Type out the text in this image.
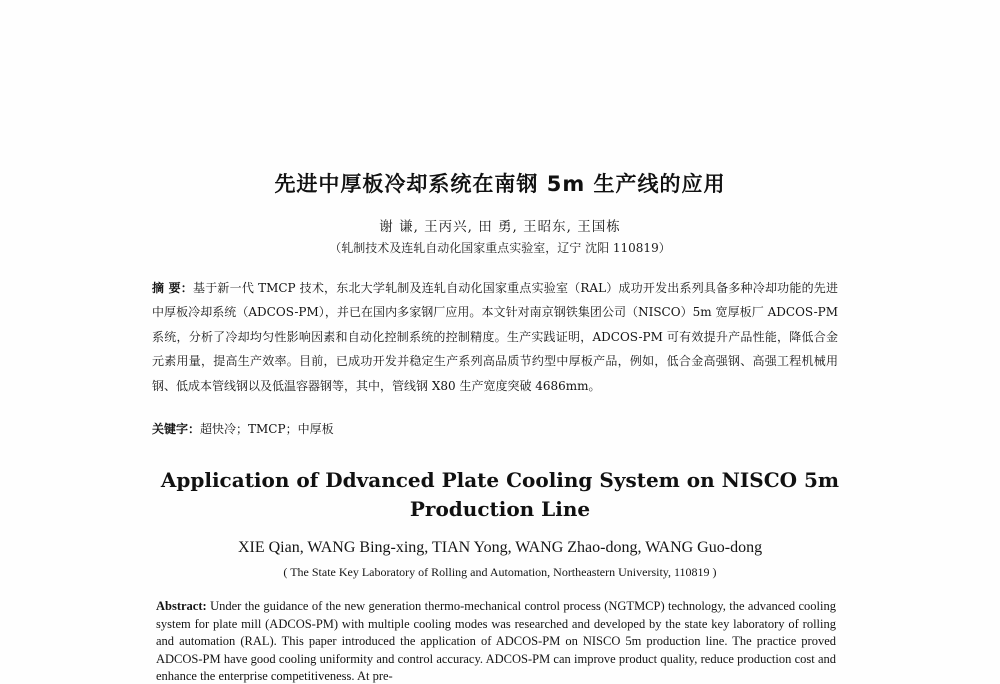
先进中厚板冷却系统在南钢 5m 生产线的应用
谢 谦, 王丙兴, 田 勇, 王昭东, 王国栋
（轧制技术及连轧自动化国家重点实验室，辽宁 沈阳 110819）
摘 要：基于新一代 TMCP 技术，东北大学轧制及连轧自动化国家重点实验室（RAL）成功开发出系列具备多种冷却功能的先进中厚板冷却系统（ADCOS-PM），并已在国内多家钢厂应用。本文针对南京钢铁集团公司（NISCO）5m 宽厚板厂 ADCOS-PM 系统，分析了冷却均匀性影响因素和自动化控制系统的控制精度。生产实践证明，ADCOS-PM 可有效提升产品性能，降低合金元素用量，提高生产效率。目前，已成功开发并稳定生产系列高品质节约型中厚板产品，例如，低合金高强钢、高强工程机械用钢、低成本管线钢以及低温容器钢等，其中，管线钢 X80 生产宽度突破 4686mm。
关键字：超快冷；TMCP；中厚板
Application of Ddvanced Plate Cooling System on NISCO 5m Production Line
XIE Qian, WANG Bing-xing, TIAN Yong, WANG Zhao-dong, WANG Guo-dong
( The State Key Laboratory of Rolling and Automation, Northeastern University, 110819 )
Abstract: Under the guidance of the new generation thermo-mechanical control process (NGTMCP) technology, the advanced cooling system for plate mill (ADCOS-PM) with multiple cooling modes was researched and developed by the state key laboratory of rolling and automation (RAL). This paper introduced the application of ADCOS-PM on NISCO 5m production line. The practice proved ADCOS-PM have good cooling uniformity and control accuracy. ADCOS-PM can improve product quality, reduce production cost and enhance the enterprise competitiveness. At pre-
